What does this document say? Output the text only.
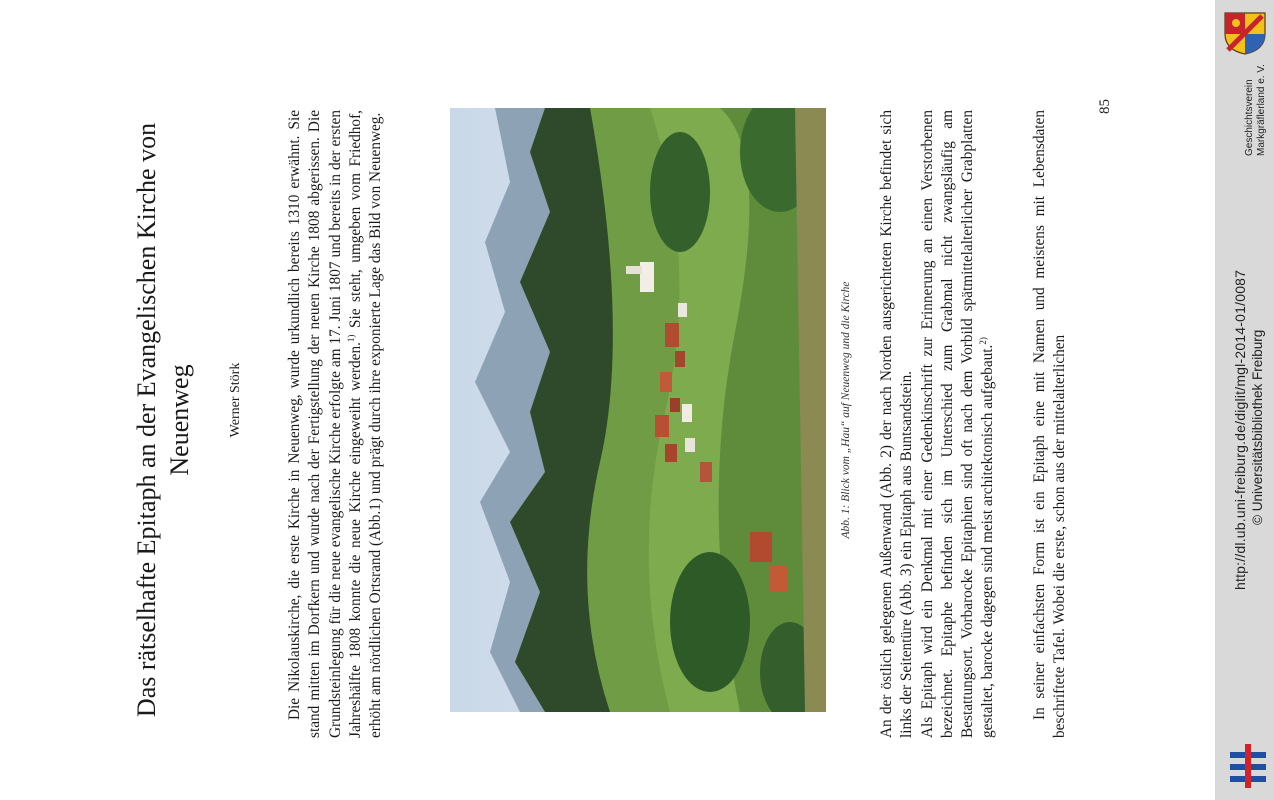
Das rätselhafte Epitaph an der Evangelischen Kirche von Neuenweg Werner Störk	Die Nikolauskirche, die erste Kirche in Neuenweg, wurde urkundlich bereits 1310 erwähnt. Sie stand mitten im Dorfkern und wurde nach der Fertigstellung der neuen Kirche 1808 abgerissen. Die Grundsteinlegung für die neue evangelische Kirche erfolgte am 17. Juni 1807 und bereits in der ersten Jahreshälfte 1808 konnte die neue Kirche eingeweiht werden.$^{1)}$ Sie steht, umgeben vom Friedhof, erhöht am nördlichen Ortsrand (Abb.1) und prägt durch ihre exponierte Lage das Bild von Neuenweg.	Abb. 1: Blick vom „Hau“ auf Neuenweg und die Kirche An der östlich gelegenen Außenwand (Abb. 2) der nach Norden ausgerichteten Kirche befindet sich links der Seitentüre (Abb. 3) ein Epitaph aus Buntsandstein. Als Epitaph wird ein Denkmal mit einer Gedenkinschrift zur Erinnerung an einen Verstorbenen bezeichnet. Epitaphe befinden sich im Unterschied zum Grabmal nicht zwangsläufig am Bestattungsort. Vorbarocke Epitaphien sind oft nach dem Vorbild spätmittelalterlicher Grabplatten gestaltet, barocke dagegen sind meist architektonisch aufgebaut.$^{2)}$	In seiner einfachsten Form ist ein Epitaph eine mit Namen und meistens mit Lebensdaten beschriftete Tafel. Wobei die erste, schon aus der mittelalterlichen

85	Geschichtsverein Markgräflerland e. V.
http://dl.ub.uni-freiburg.de/diglit/mgl-2014-01/0087 © Universitätsbibliothek Freiburg
